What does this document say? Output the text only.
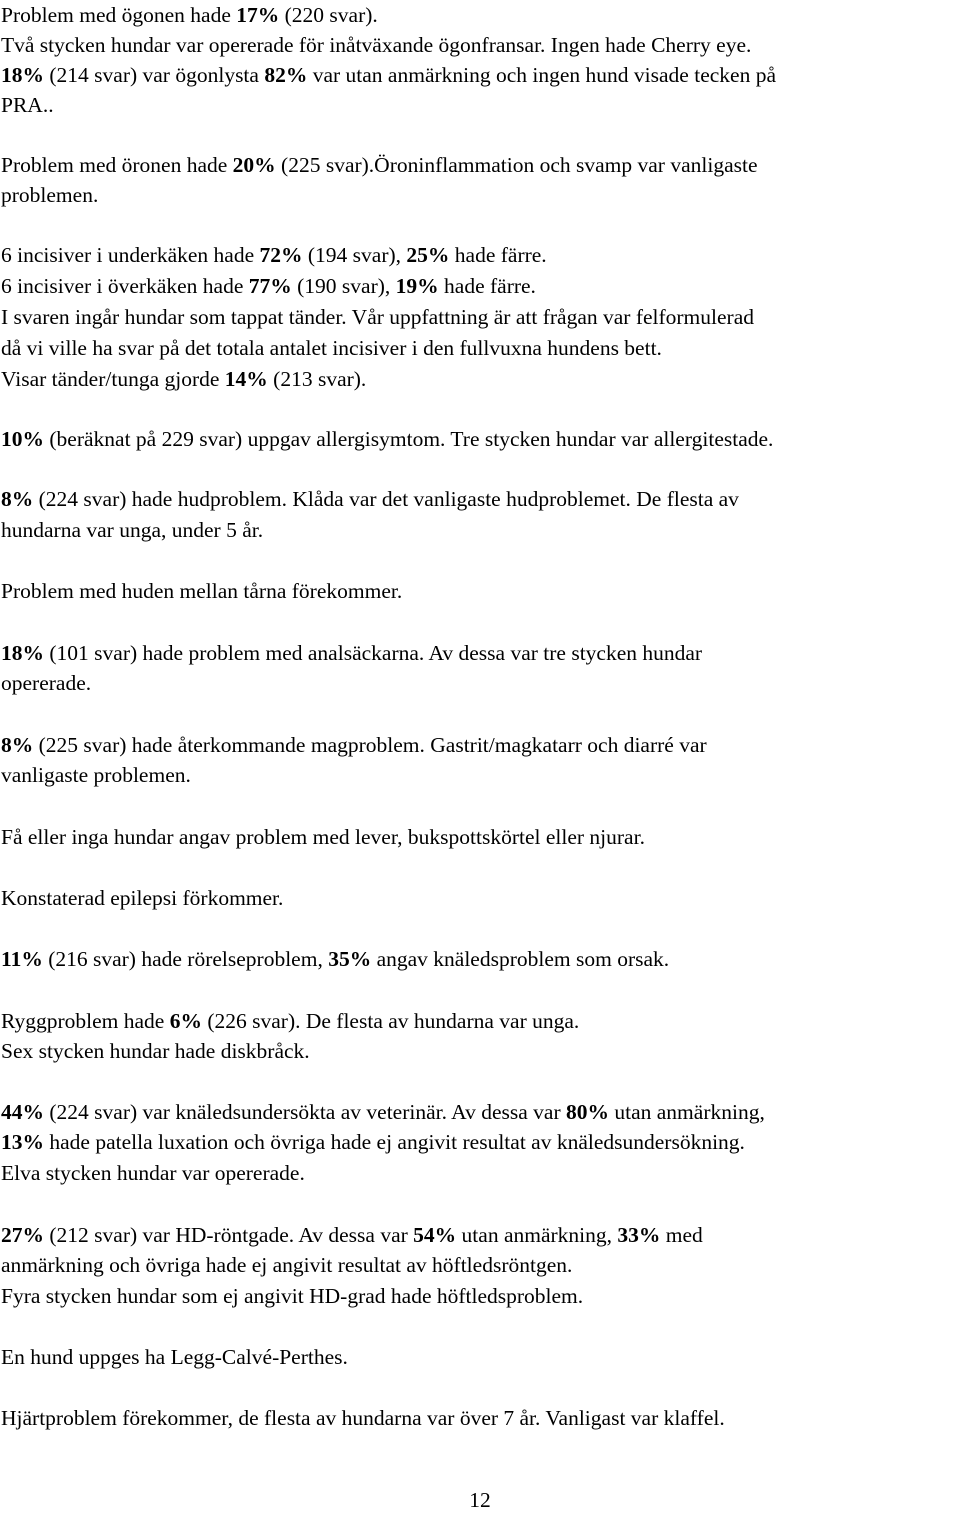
12
Problem med ögonen hade 17% (220 svar).
Två stycken hundar var opererade för inåtväxande ögonfransar. Ingen hade Cherry eye.
18% (214 svar) var ögonlysta 82% var utan anmärkning och ingen hund visade tecken på
PRA..
Problem med öronen hade 20% (225 svar).Öroninflammation och svamp var vanligaste
problemen.
6 incisiver i underkäken hade 72% (194 svar), 25% hade färre.
6 incisiver i överkäken hade 77% (190 svar), 19% hade färre.
I svaren ingår hundar som tappat tänder. Vår uppfattning är att frågan var felformulerad
då vi ville ha svar på det totala antalet incisiver i den fullvuxna hundens bett.
Visar tänder/tunga gjorde 14% (213 svar).
10% (beräknat på 229 svar) uppgav allergisymtom. Tre stycken hundar var allergitestade.
8% (224 svar) hade hudproblem. Klåda var det vanligaste hudproblemet. De flesta av
hundarna var unga, under 5 år.
Problem med huden mellan tårna förekommer.
18% (101 svar) hade problem med analsäckarna. Av dessa var tre stycken hundar
opererade.
8% (225 svar) hade återkommande magproblem. Gastrit/magkatarr och diarré var
vanligaste problemen.
Få eller inga hundar angav problem med lever, bukspottskörtel eller njurar.
Konstaterad epilepsi förkommer.
11% (216 svar) hade rörelseproblem, 35% angav knäledsproblem som orsak.
Ryggproblem hade 6% (226 svar). De flesta av hundarna var unga.
Sex stycken hundar hade diskbråck.
44% (224 svar) var knäledsundersökta av veterinär. Av dessa var 80% utan anmärkning,
13% hade patella luxation och övriga hade ej angivit resultat av knäledsundersökning.
Elva stycken hundar var opererade.
27% (212 svar) var HD-röntgade. Av dessa var 54% utan anmärkning, 33% med
anmärkning och övriga hade ej angivit resultat av höftledsröntgen.
Fyra stycken hundar som ej angivit HD-grad hade höftledsproblem.
En hund uppges ha Legg-Calvé-Perthes.
Hjärtproblem förekommer, de flesta av hundarna var över 7 år. Vanligast var klaffel.
